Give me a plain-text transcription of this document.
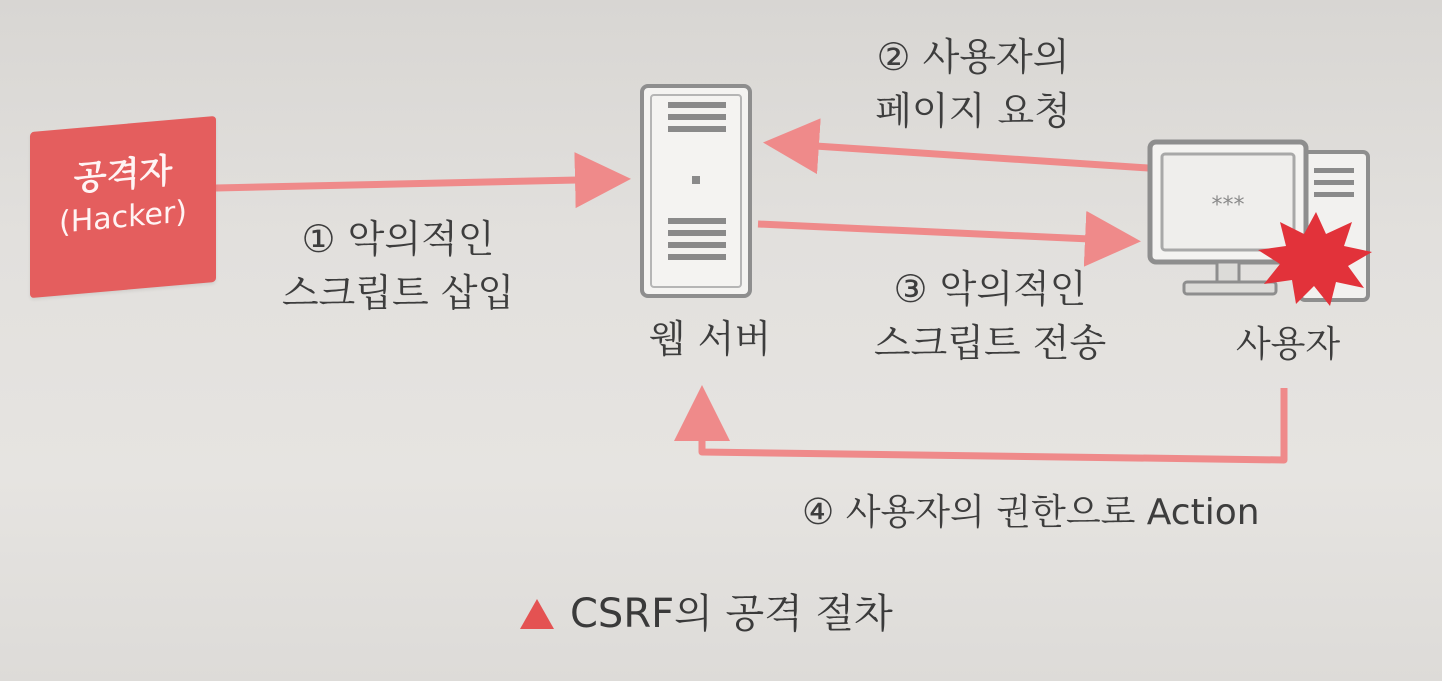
***
공격자
(Hacker)	① 악의적인
스크립트 삽입
② 사용자의
페이지 요청
③ 악의적인
스크립트 전송
④ 사용자의 권한으로 Action
웹 서버	사용자
CSRF의 공격 절차
